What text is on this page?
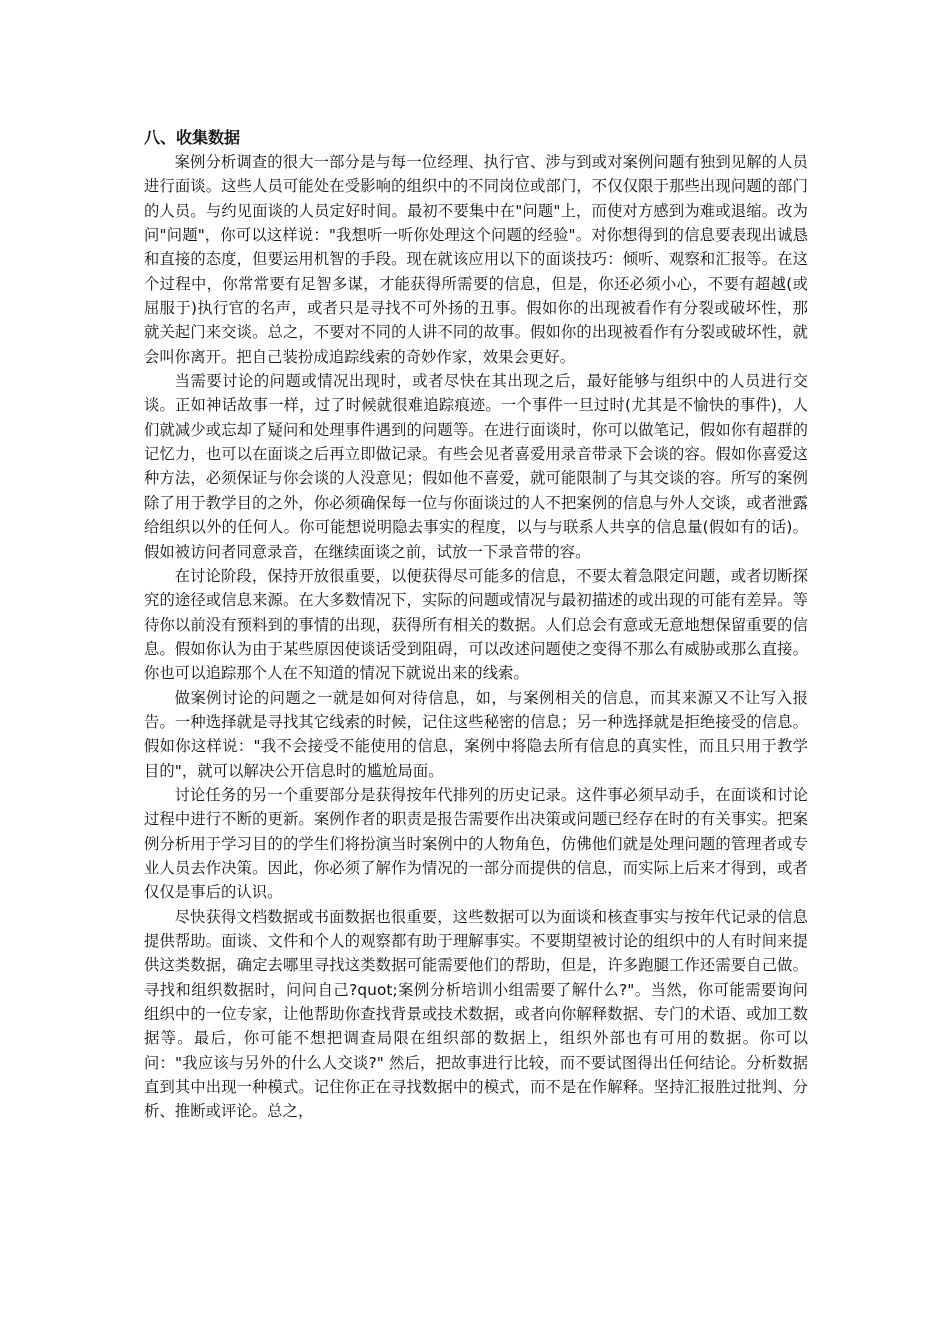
八、收集数据

案例分析调查的很大一部分是与每一位经理、执行官、涉与到或对案例问题有独到见解的人员进行面谈。这些人员可能处在受影响的组织中的不同岗位或部门，不仅仅限于那些出现问题的部门的人员。与约见面谈的人员定好时间。最初不要集中在"问题"上，而使对方感到为难或退缩。改为问"问题"，你可以这样说："我想听一听你处理这个问题的经验"。对你想得到的信息要表现出诚恳和直接的态度，但要运用机智的手段。现在就该应用以下的面谈技巧：倾听、观察和汇报等。在这个过程中，你常常要有足智多谋，才能获得所需要的信息，但是，你还必须小心，不要有超越(或屈服于)执行官的名声，或者只是寻找不可外扬的丑事。假如你的出现被看作有分裂或破坏性，那就关起门来交谈。总之，不要对不同的人讲不同的故事。假如你的出现被看作有分裂或破坏性，就会叫你离开。把自己装扮成追踪线索的奇妙作家，效果会更好。

当需要讨论的问题或情况出现时，或者尽快在其出现之后，最好能够与组织中的人员进行交谈。正如神话故事一样，过了时候就很难追踪痕迹。一个事件一旦过时(尤其是不愉快的事件)，人们就减少或忘却了疑问和处理事件遇到的问题等。在进行面谈时，你可以做笔记，假如你有超群的记忆力，也可以在面谈之后再立即做记录。有些会见者喜爱用录音带录下会谈的容。假如你喜爱这种方法，必须保证与你会谈的人没意见；假如他不喜爱，就可能限制了与其交谈的容。所写的案例除了用于教学目的之外，你必须确保每一位与你面谈过的人不把案例的信息与外人交谈，或者泄露给组织以外的任何人。你可能想说明隐去事实的程度，以与与联系人共享的信息量(假如有的话)。假如被访问者同意录音，在继续面谈之前，试放一下录音带的容。

在讨论阶段，保持开放很重要，以便获得尽可能多的信息，不要太着急限定问题，或者切断探究的途径或信息来源。在大多数情况下，实际的问题或情况与最初描述的或出现的可能有差异。等待你以前没有预料到的事情的出现，获得所有相关的数据。人们总会有意或无意地想保留重要的信息。假如你认为由于某些原因使谈话受到阻碍，可以改述问题使之变得不那么有威胁或那么直接。你也可以追踪那个人在不知道的情况下就说出来的线索。

做案例讨论的问题之一就是如何对待信息，如，与案例相关的信息，而其来源又不让写入报告。一种选择就是寻找其它线索的时候，记住这些秘密的信息；另一种选择就是拒绝接受的信息。假如你这样说："我不会接受不能使用的信息，案例中将隐去所有信息的真实性，而且只用于教学目的"，就可以解决公开信息时的尴尬局面。

讨论任务的另一个重要部分是获得按年代排列的历史记录。这件事必须早动手，在面谈和讨论过程中进行不断的更新。案例作者的职责是报告需要作出决策或问题已经存在时的有关事实。把案例分析用于学习目的的学生们将扮演当时案例中的人物角色，仿佛他们就是处理问题的管理者或专业人员去作决策。因此，你必须了解作为情况的一部分而提供的信息，而实际上后来才得到，或者仅仅是事后的认识。

尽快获得文档数据或书面数据也很重要，这些数据可以为面谈和核查事实与按年代记录的信息提供帮助。面谈、文件和个人的观察都有助于理解事实。不要期望被讨论的组织中的人有时间来提供这类数据，确定去哪里寻找这类数据可能需要他们的帮助，但是，许多跑腿工作还需要自己做。寻找和组织数据时，问问自己?quot;案例分析培训小组需要了解什么?"。当然，你可能需要询问组织中的一位专家，让他帮助你查找背景或技术数据，或者向你解释数据、专门的术语、或加工数据等。最后，你可能不想把调查局限在组织部的数据上，组织外部也有可用的数据。你可以问："我应该与另外的什么人交谈?" 然后，把故事进行比较，而不要试图得出任何结论。分析数据直到其中出现一种模式。记住你正在寻找数据中的模式，而不是在作解释。坚持汇报胜过批判、分析、推断或评论。总之，
